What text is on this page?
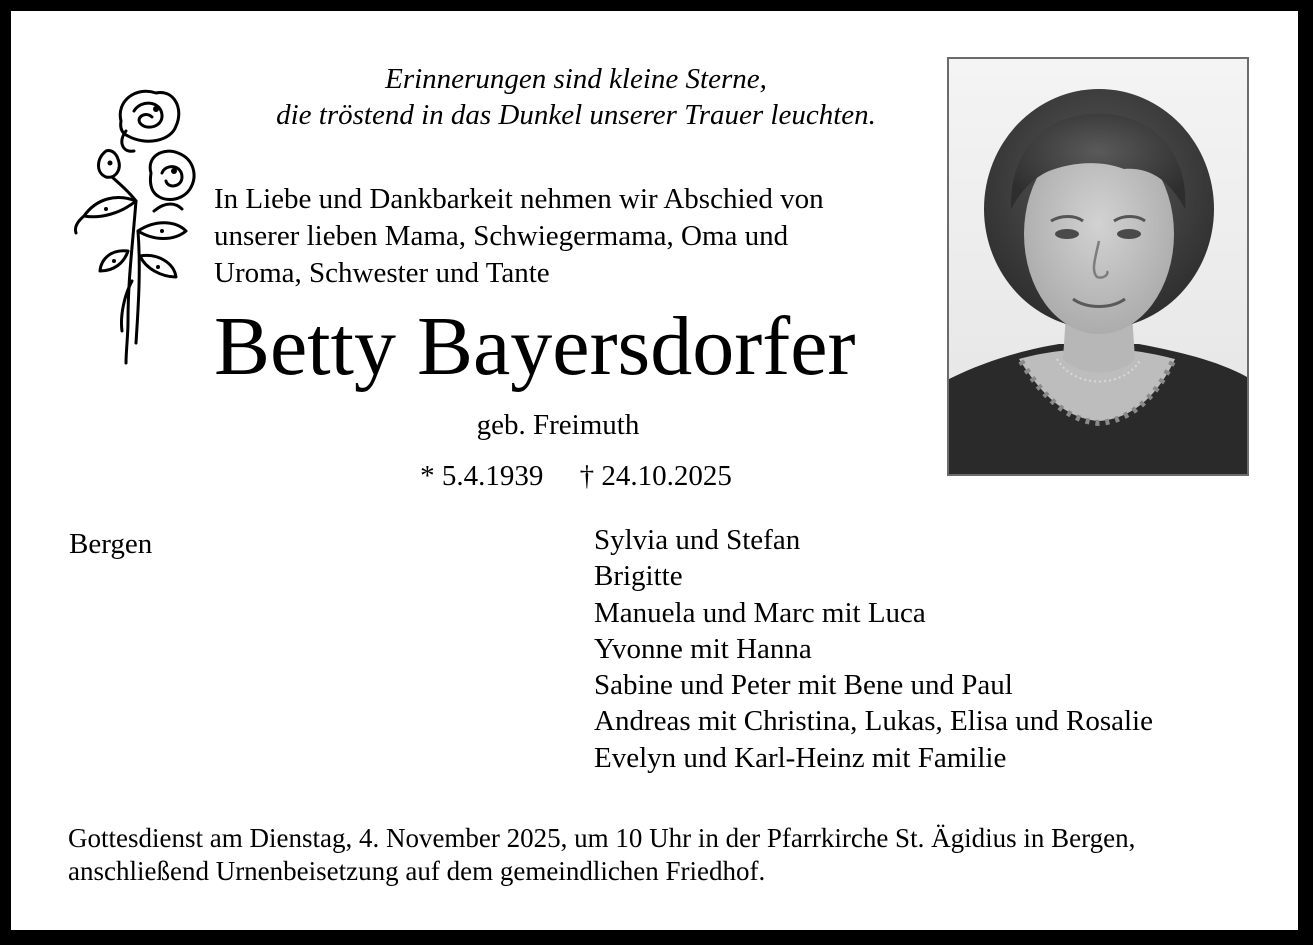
Erinnerungen sind kleine Sterne,
die tröstend in das Dunkel unserer Trauer leuchten.
In Liebe und Dankbarkeit nehmen wir Abschied von
unserer lieben Mama, Schwiegermama, Oma und
Uroma, Schwester und Tante
Betty Bayersdorfer
geb. Freimuth
* 5.4.1939     † 24.10.2025
Bergen	Sylvia und Stefan
Brigitte
Manuela und Marc mit Luca
Yvonne mit Hanna
Sabine und Peter mit Bene und Paul
Andreas mit Christina, Lukas, Elisa und Rosalie
Evelyn und Karl-Heinz mit Familie
Gottesdienst am Dienstag, 4. November 2025, um 10 Uhr in der Pfarrkirche St. Ägidius in Bergen,
anschließend Urnenbeisetzung auf dem gemeindlichen Friedhof.
